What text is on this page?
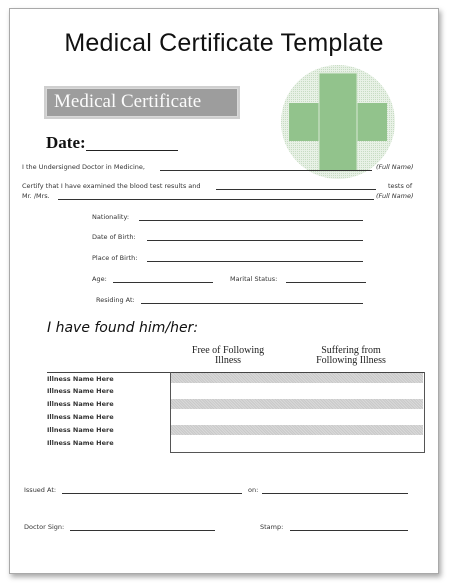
Medical Certificate Template
Medical Certificate
Date:
I the Undersigned Doctor in Medicine,	(Full Name)
Certify that I have examined the blood test results and	tests of
Mr. /Mrs.	(Full Name)
Nationality:
Date of Birth:
Place of Birth:
Age:	Marital Status:
Residing At:
I have found him/her:
Free of Following
Illness
Suffering from
Following Illness
Illness Name Here
Illness Name Here
Illness Name Here
Illness Name Here
Illness Name Here
Illness Name Here
Issued At:	on:
Doctor Sign:	Stamp:
